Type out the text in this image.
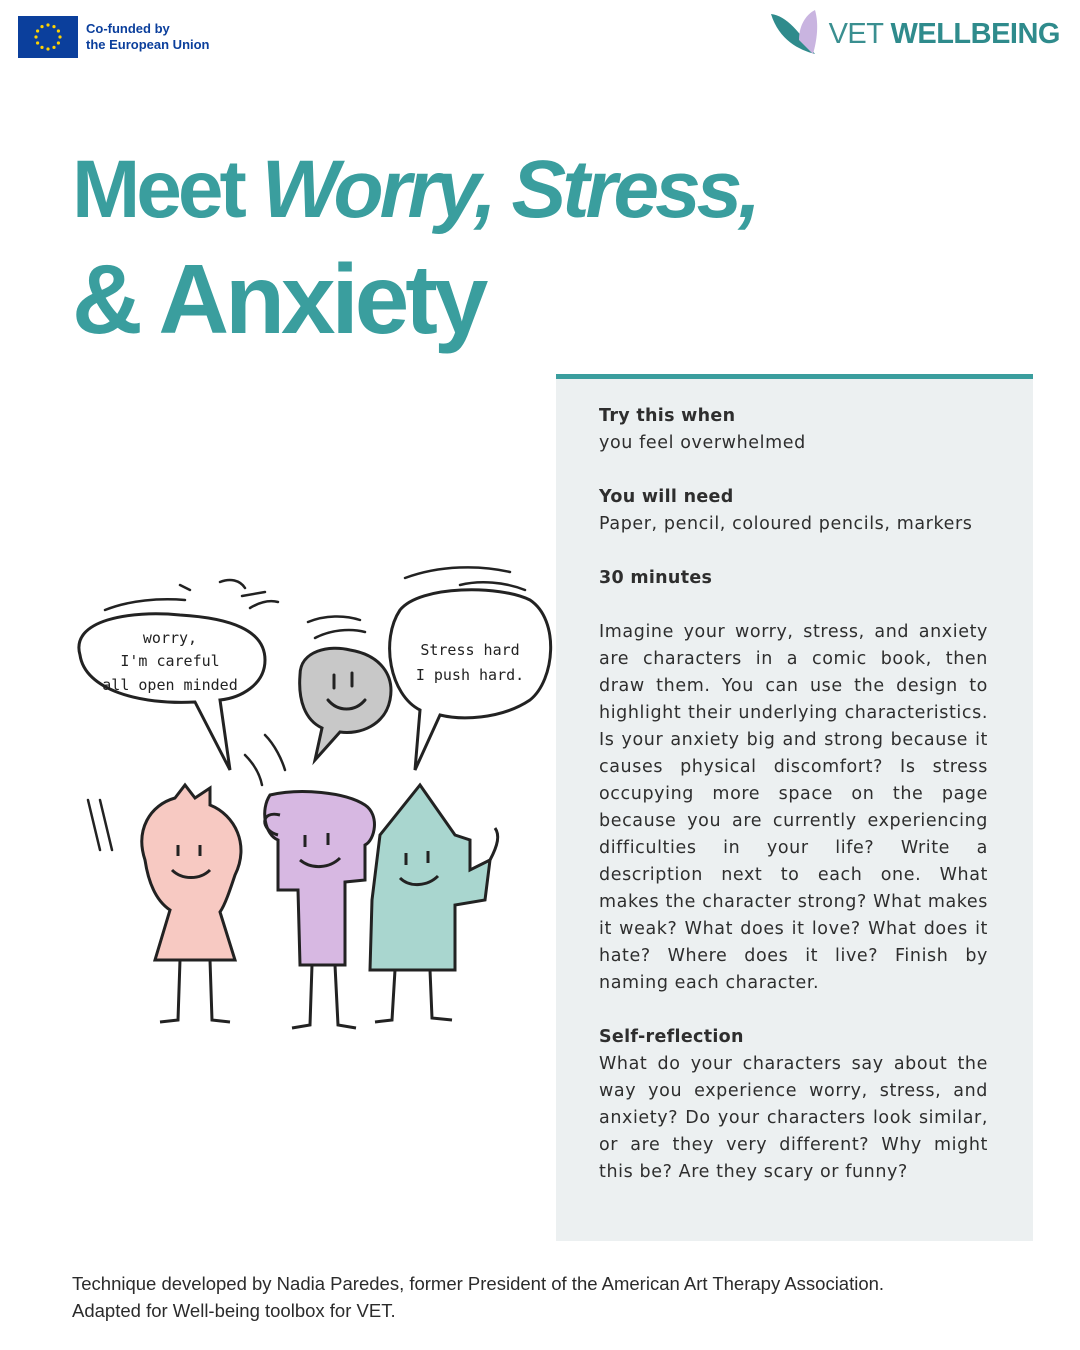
Co-funded by
the European Union	VET WELLBEING
Meet Worry, Stress,
& Anxiety
worry,
I'm careful
all open minded
Stress hard
I push hard.
Try this when

you feel overwhelmed

You will need

Paper, pencil, coloured pencils, markers

30 minutes

Imagine your worry, stress, and anxiety are characters in a comic book, then draw them. You can use the design to highlight their underlying characteristics. Is your anxiety big and strong because it causes physical discomfort? Is stress occupying more space on the page because you are currently experiencing difficulties in your life? Write a description next to each one. What makes the character strong? What makes it weak? What does it love? What does it hate? Where does it live? Finish by naming each character.

Self-reflection

What do your characters say about the way you experience worry, stress, and anxiety? Do your characters look similar, or are they very different? Why might this be? Are they scary or funny?

Technique developed by Nadia Paredes, former President of the American Art Therapy Association.
Adapted for Well-being toolbox for VET.
